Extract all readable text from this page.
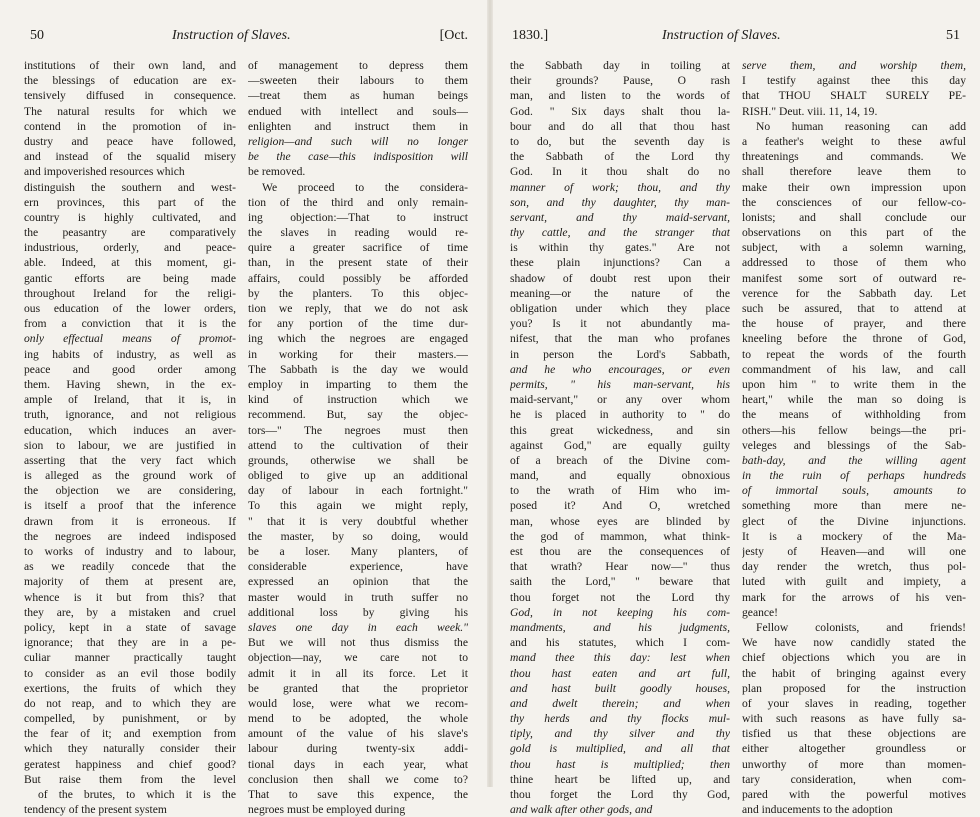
50	Instruction of Slaves.	[Oct.
institutions of their own land, and
the blessings of education are ex-
tensively diffused in consequence.
The natural results for which we
contend in the promotion of in-
dustry and peace have followed,
and instead of the squalid misery
and impoverished resources which
distinguish the southern and west-
ern provinces, this part of the
country is highly cultivated, and
the peasantry are comparatively
industrious, orderly, and peace-
able. Indeed, at this moment, gi-
gantic efforts are being made
throughout Ireland for the religi-
ous education of the lower orders,
from a conviction that it is the
only effectual means of promot-
ing habits of industry, as well as
peace and good order among
them. Having shewn, in the ex-
ample of Ireland, that it is, in
truth, ignorance, and not religious
education, which induces an aver-
sion to labour, we are justified in
asserting that the very fact which
is alleged as the ground work of
the objection we are considering,
is itself a proof that the inference
drawn from it is erroneous. If
the negroes are indeed indisposed
to works of industry and to labour,
as we readily concede that the
majority of them at present are,
whence is it but from this? that
they are, by a mistaken and cruel
policy, kept in a state of savage
ignorance; that they are in a pe-
culiar manner practically taught
to consider as an evil those bodily
exertions, the fruits of which they
do not reap, and to which they are
compelled, by punishment, or by
the fear of it; and exemption from
which they naturally consider their
geratest happiness and chief good?
But raise them from the level
of the brutes, to which it is the
tendency of the present system
of management to depress them
—sweeten their labours to them
—treat them as human beings
endued with intellect and souls—
enlighten and instruct them in
religion—and such will no longer
be the case—this indisposition will
be removed.
We proceed to the considera-
tion of the third and only remain-
ing objection:—That to instruct
the slaves in reading would re-
quire a greater sacrifice of time
than, in the present state of their
affairs, could possibly be afforded
by the planters. To this objec-
tion we reply, that we do not ask
for any portion of the time dur-
ing which the negroes are engaged
in working for their masters.—
The Sabbath is the day we would
employ in imparting to them the
kind of instruction which we
recommend. But, say the objec-
tors—" The negroes must then
attend to the cultivation of their
grounds, otherwise we shall be
obliged to give up an additional
day of labour in each fortnight."
To this again we might reply,
" that it is very doubtful whether
the master, by so doing, would
be a loser. Many planters, of
considerable experience, have
expressed an opinion that the
master would in truth suffer no
additional loss by giving his
slaves one day in each week."
But we will not thus dismiss the
objection—nay, we care not to
admit it in all its force. Let it
be granted that the proprietor
would lose, were what we recom-
mend to be adopted, the whole
amount of the value of his slave's
labour during twenty-six addi-
tional days in each year, what
conclusion then shall we come to?
That to save this expence, the
negroes must be employed during
1830.]	Instruction of Slaves.	51
the Sabbath day in toiling at
their grounds? Pause, O rash
man, and listen to the words of
God. " Six days shalt thou la-
bour and do all that thou hast
to do, but the seventh day is
the Sabbath of the Lord thy
God. In it thou shalt do no
manner of work; thou, and thy
son, and thy daughter, thy man-
servant, and thy maid-servant,
thy cattle, and the stranger that
is within thy gates." Are not
these plain injunctions? Can a
shadow of doubt rest upon their
meaning—or the nature of the
obligation under which they place
you? Is it not abundantly ma-
nifest, that the man who profanes
in person the Lord's Sabbath,
and he who encourages, or even
permits, " his man-servant, his
maid-servant," or any over whom
he is placed in authority to " do
this great wickedness, and sin
against God," are equally guilty
of a breach of the Divine com-
mand, and equally obnoxious
to the wrath of Him who im-
posed it? And O, wretched
man, whose eyes are blinded by
the god of mammon, what think-
est thou are the consequences of
that wrath? Hear now—" thus
saith the Lord," " beware that
thou forget not the Lord thy
God, in not keeping his com-
mandments, and his judgments,
and his statutes, which I com-
mand thee this day: lest when
thou hast eaten and art full,
and hast built goodly houses,
and dwelt therein; and when
thy herds and thy flocks mul-
tiply, and thy silver and thy
gold is multiplied, and all that
thou hast is multiplied; then
thine heart be lifted up, and
thou forget the Lord thy God,
and walk after other gods, and
serve them, and worship them,
I testify against thee this day
that THOU SHALT SURELY PE-
RISH." Deut. viii. 11, 14, 19.
No human reasoning can add
a feather's weight to these awful
threatenings and commands. We
shall therefore leave them to
make their own impression upon
the consciences of our fellow-co-
lonists; and shall conclude our
observations on this part of the
subject, with a solemn warning,
addressed to those of them who
manifest some sort of outward re-
verence for the Sabbath day. Let
such be assured, that to attend at
the house of prayer, and there
kneeling before the throne of God,
to repeat the words of the fourth
commandment of his law, and call
upon him " to write them in the
heart," while the man so doing is
the means of withholding from
others—his fellow beings—the pri-
veleges and blessings of the Sab-
bath-day, and the willing agent
in the ruin of perhaps hundreds
of immortal souls, amounts to
something more than mere ne-
glect of the Divine injunctions.
It is a mockery of the Ma-
jesty of Heaven—and will one
day render the wretch, thus pol-
luted with guilt and impiety, a
mark for the arrows of his ven-
geance!
Fellow colonists, and friends!
We have now candidly stated the
chief objections which you are in
the habit of bringing against every
plan proposed for the instruction
of your slaves in reading, together
with such reasons as have fully sa-
tisfied us that these objections are
either altogether groundless or
unworthy of more than momen-
tary consideration, when com-
pared with the powerful motives
and inducements to the adoption
